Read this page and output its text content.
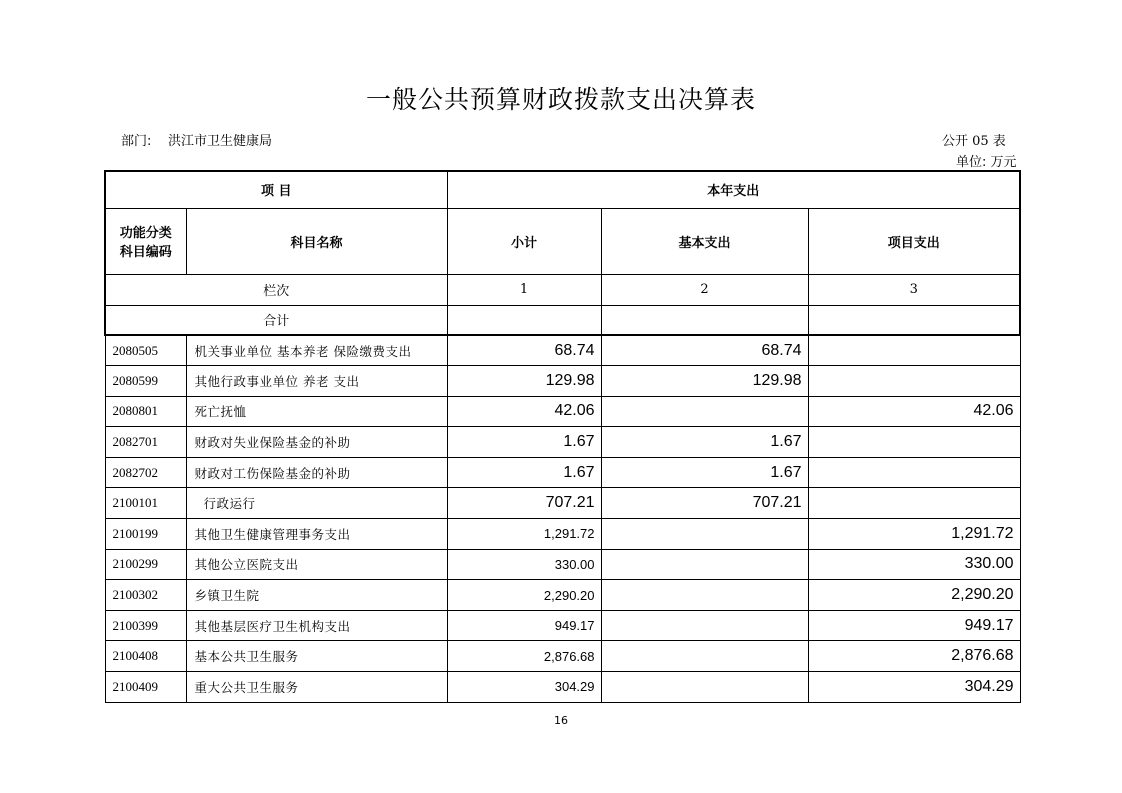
一般公共预算财政拨款支出决算表
部门: 洪江市卫生健康局	公开 05 表
单位: 万元
项 目		本年支出		

功能分类
科目编码	科目名称	小计	基本支出	项目支出
栏次		1	2	3
合计				
2080505	机关事业单位 基本养老 保险缴费支出	68.74	68.74	
2080599	其他行政事业单位 养老 支出	129.98	129.98	
2080801	死亡抚恤	42.06		42.06
2082701	财政对失业保险基金的补助	1.67	1.67	
2082702	财政对工伤保险基金的补助	1.67	1.67	
2100101	行政运行	707.21	707.21	
2100199	其他卫生健康管理事务支出	1,291.72		1,291.72
2100299	其他公立医院支出	330.00		330.00
2100302	乡镇卫生院	2,290.20		2,290.20
2100399	其他基层医疗卫生机构支出	949.17		949.17
2100408	基本公共卫生服务	2,876.68		2,876.68
2100409	重大公共卫生服务	304.29		304.29
16
